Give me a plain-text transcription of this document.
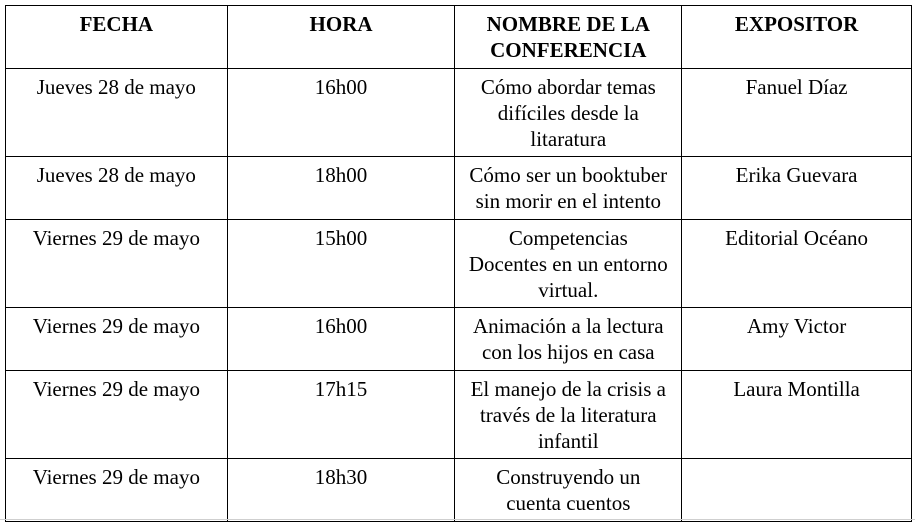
FECHA	HORA	NOMBRE DE LA
CONFERENCIA	EXPOSITOR
Jueves 28 de mayo	16h00	Cómo abordar temas
difíciles desde la
litaratura	Fanuel Díaz
Jueves 28 de mayo	18h00	Cómo ser un booktuber
sin morir en el intento	Erika Guevara
Viernes 29 de mayo	15h00	Competencias
Docentes en un entorno
virtual.	Editorial Océano
Viernes 29 de mayo	16h00	Animación a la lectura
con los hijos en casa	Amy Victor
Viernes 29 de mayo	17h15	El manejo de la crisis a
través de la literatura
infantil	Laura Montilla
Viernes 29 de mayo	18h30	Construyendo un
cuenta cuentos	
